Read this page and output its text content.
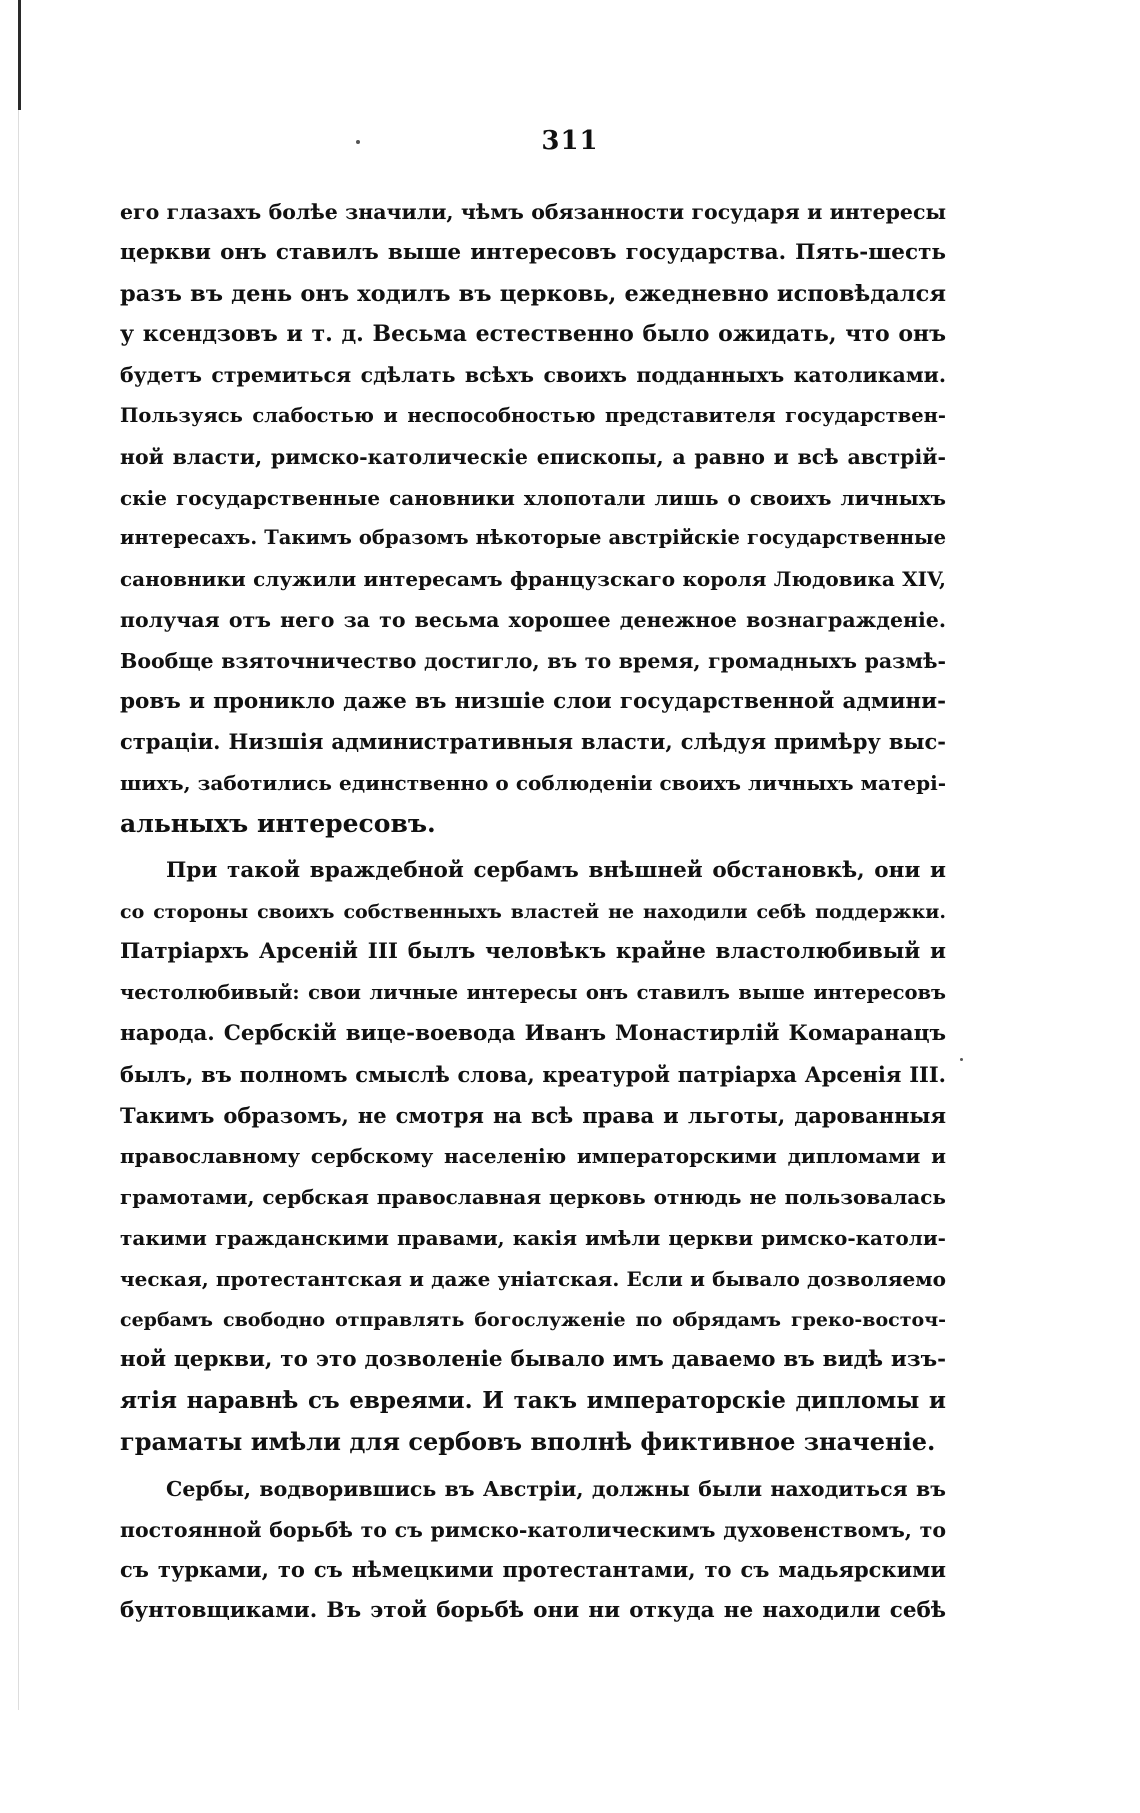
311
его глазахъ болѣе значили, чѣмъ обязанности государя и интересы
церкви онъ ставилъ выше интересовъ государства. Пять-шесть
разъ въ день онъ ходилъ въ церковь, ежедневно исповѣдался
у ксендзовъ и т. д. Весьма естественно было ожидать, что онъ
будетъ стремиться сдѣлать всѣхъ своихъ подданныхъ католиками.
Пользуясь слабостью и неспособностью представителя государствен-
ной власти, римско-католическіе епископы, а равно и всѣ австрій-
скіе государственные сановники хлопотали лишь о своихъ личныхъ
интересахъ. Такимъ образомъ нѣкоторые австрійскіе государственные
сановники служили интересамъ французскаго короля Людовика XIV,
получая отъ него за то весьма хорошее денежное вознагражденіе.
Вообще взяточничество достигло, въ то время, громадныхъ размѣ-
ровъ и проникло даже въ низшіе слои государственной админи-
страціи. Низшія административныя власти, слѣдуя примѣру выс-
шихъ, заботились единственно о соблюденіи своихъ личныхъ матері-
альныхъ интересовъ.
При такой враждебной сербамъ внѣшней обстановкѣ, они и
со стороны своихъ собственныхъ властей не находили себѣ поддержки.
Патріархъ Арсеній III былъ человѣкъ крайне властолюбивый и
честолюбивый: свои личные интересы онъ ставилъ выше интересовъ
народа. Сербскій вице-воевода Иванъ Монастирлій Комаранацъ
былъ, въ полномъ смыслѣ слова, креатурой патріарха Арсенія III.
Такимъ образомъ, не смотря на всѣ права и льготы, дарованныя
православному сербскому населенію императорскими дипломами и
грамотами, сербская православная церковь отнюдь не пользовалась
такими гражданскими правами, какія имѣли церкви римско-католи-
ческая, протестантская и даже уніатская. Если и бывало дозволяемо
сербамъ свободно отправлять богослуженіе по обрядамъ греко-восточ-
ной церкви, то это дозволеніе бывало имъ даваемо въ видѣ изъ-
ятія наравнѣ съ евреями. И такъ императорскіе дипломы и
граматы имѣли для сербовъ вполнѣ фиктивное значеніе.
Сербы, водворившись въ Австріи, должны были находиться въ
постоянной борьбѣ то съ римско-католическимъ духовенствомъ, то
съ турками, то съ нѣмецкими протестантами, то съ мадьярскими
бунтовщиками. Въ этой борьбѣ они ни откуда не находили себѣ
